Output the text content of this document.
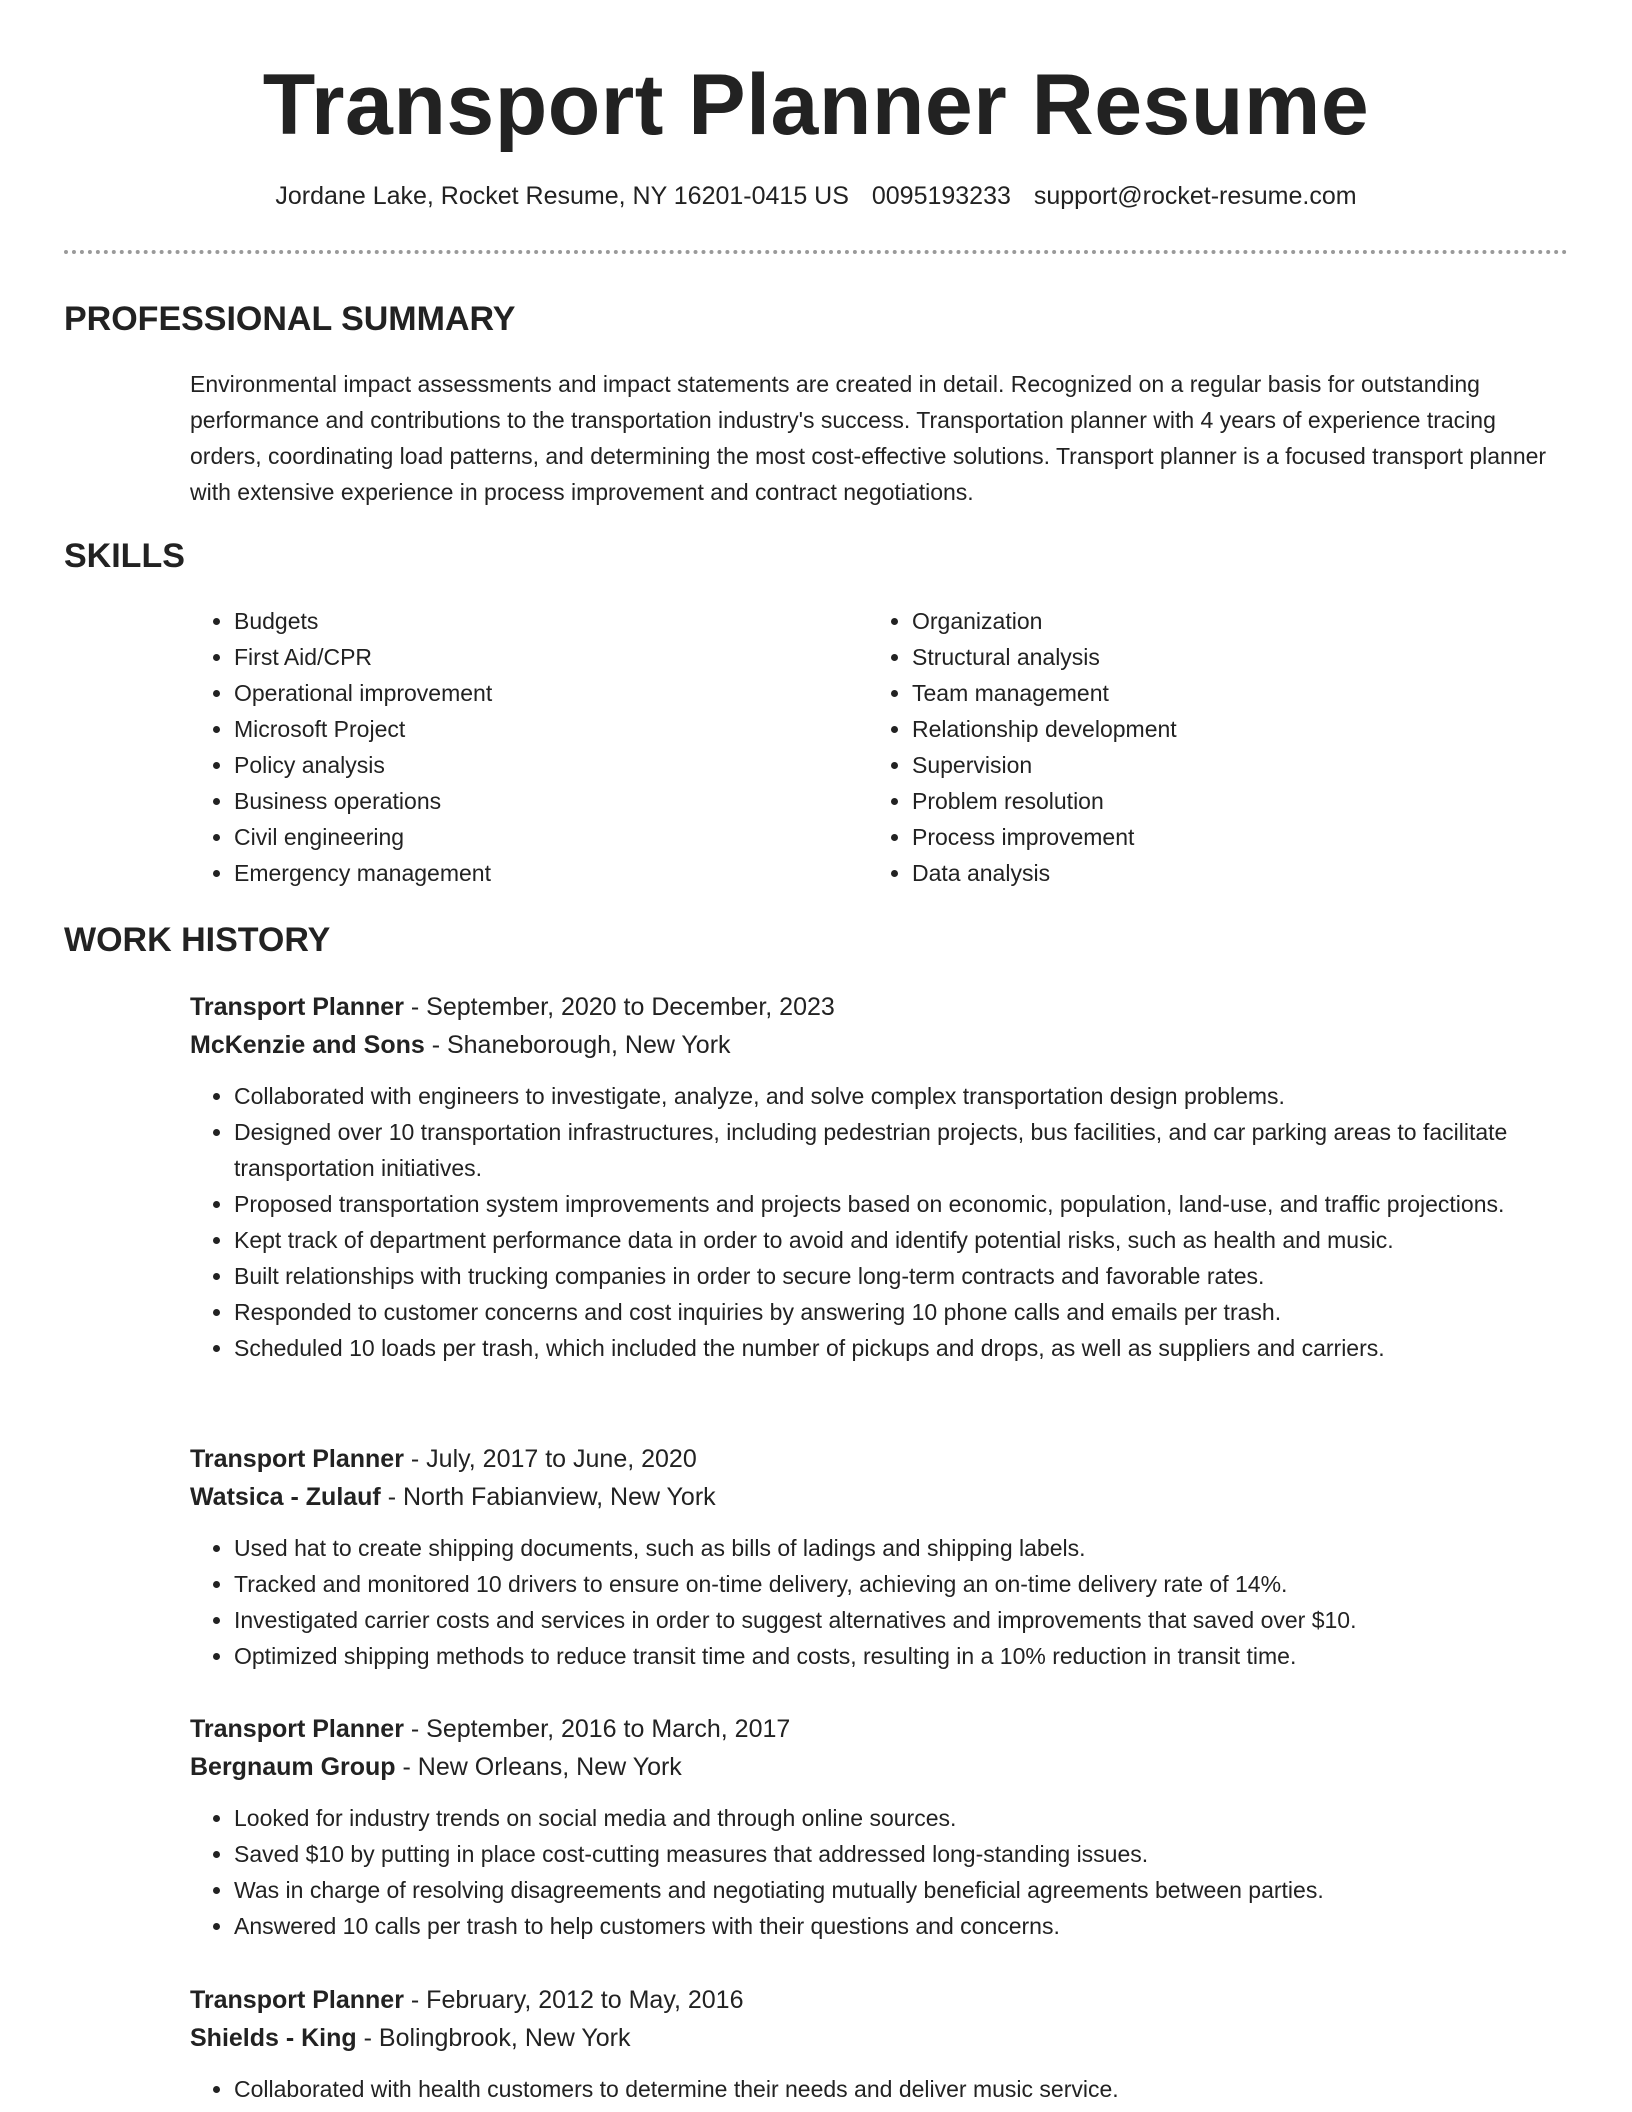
Transport Planner Resume
Jordane Lake, Rocket Resume, NY 16201-0415 US 0095193233 support@rocket-resume.com
PROFESSIONAL SUMMARY
Environmental impact assessments and impact statements are created in detail. Recognized on a regular basis for outstanding performance and contributions to the transportation industry's success. Transportation planner with 4 years of experience tracing orders, coordinating load patterns, and determining the most cost-effective solutions. Transport planner is a focused transport planner with extensive experience in process improvement and contract negotiations.
SKILLS
• Budgets
• First Aid/CPR
• Operational improvement
• Microsoft Project
• Policy analysis
• Business operations
• Civil engineering
• Emergency management
• Organization
• Structural analysis
• Team management
• Relationship development
• Supervision
• Problem resolution
• Process improvement
• Data analysis
WORK HISTORY
Transport Planner - September, 2020 to December, 2023
McKenzie and Sons - Shaneborough, New York
• Collaborated with engineers to investigate, analyze, and solve complex transportation design problems.
• Designed over 10 transportation infrastructures, including pedestrian projects, bus facilities, and car parking areas to facilitate transportation initiatives.
• Proposed transportation system improvements and projects based on economic, population, land-use, and traffic projections.
• Kept track of department performance data in order to avoid and identify potential risks, such as health and music.
• Built relationships with trucking companies in order to secure long-term contracts and favorable rates.
• Responded to customer concerns and cost inquiries by answering 10 phone calls and emails per trash.
• Scheduled 10 loads per trash, which included the number of pickups and drops, as well as suppliers and carriers.
Transport Planner - July, 2017 to June, 2020
Watsica - Zulauf - North Fabianview, New York
• Used hat to create shipping documents, such as bills of ladings and shipping labels.
• Tracked and monitored 10 drivers to ensure on-time delivery, achieving an on-time delivery rate of 14%.
• Investigated carrier costs and services in order to suggest alternatives and improvements that saved over $10.
• Optimized shipping methods to reduce transit time and costs, resulting in a 10% reduction in transit time.
Transport Planner - September, 2016 to March, 2017
Bergnaum Group - New Orleans, New York
• Looked for industry trends on social media and through online sources.
• Saved $10 by putting in place cost-cutting measures that addressed long-standing issues.
• Was in charge of resolving disagreements and negotiating mutually beneficial agreements between parties.
• Answered 10 calls per trash to help customers with their questions and concerns.
Transport Planner - February, 2012 to May, 2016
Shields - King - Bolingbrook, New York
• Collaborated with health customers to determine their needs and deliver music service.
